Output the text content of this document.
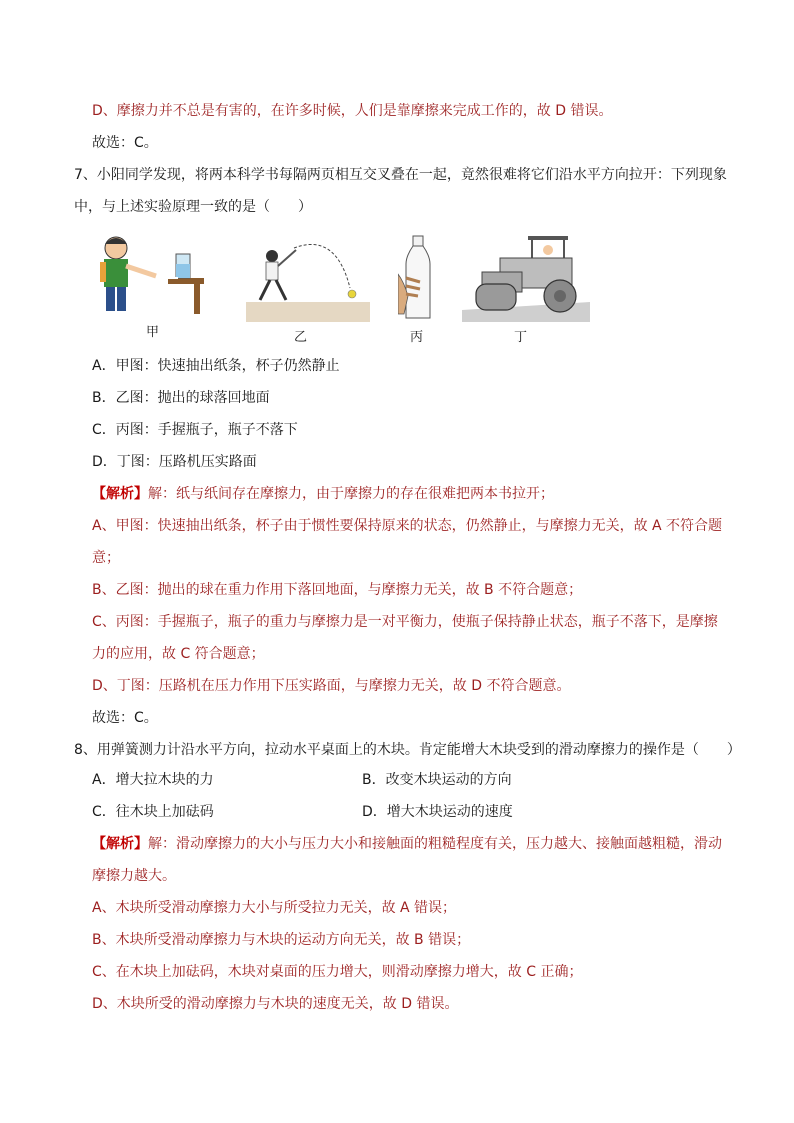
D、摩擦力并不总是有害的，在许多时候，人们是靠摩擦来完成工作的，故 D 错误。
故选：C。
7、小阳同学发现，将两本科学书每隔两页相互交叉叠在一起，竟然很难将它们沿水平方向拉开：下列现象
中，与上述实验原理一致的是（　　）
甲	乙	丙	丁
A．甲图：快速抽出纸条，杯子仍然静止
B．乙图：抛出的球落回地面
C．丙图：手握瓶子，瓶子不落下
D．丁图：压路机压实路面
【解析】解：纸与纸间存在摩擦力，由于摩擦力的存在很难把两本书拉开；
A、甲图：快速抽出纸条，杯子由于惯性要保持原来的状态，仍然静止，与摩擦力无关，故 A 不符合题
意；
B、乙图：抛出的球在重力作用下落回地面，与摩擦力无关，故 B 不符合题意；
C、丙图：手握瓶子，瓶子的重力与摩擦力是一对平衡力，使瓶子保持静止状态，瓶子不落下，是摩擦
力的应用，故 C 符合题意；
D、丁图：压路机在压力作用下压实路面，与摩擦力无关，故 D 不符合题意。
故选：C。
8、用弹簧测力计沿水平方向，拉动水平桌面上的木块。肯定能增大木块受到的滑动摩擦力的操作是（　　）
A．增大拉木块的力	B．改变木块运动的方向
C．往木块上加砝码	D．增大木块运动的速度
【解析】解：滑动摩擦力的大小与压力大小和接触面的粗糙程度有关，压力越大、接触面越粗糙，滑动
摩擦力越大。
A、木块所受滑动摩擦力大小与所受拉力无关，故 A 错误；
B、木块所受滑动摩擦力与木块的运动方向无关，故 B 错误；
C、在木块上加砝码，木块对桌面的压力增大，则滑动摩擦力增大，故 C 正确；
D、木块所受的滑动摩擦力与木块的速度无关，故 D 错误。
